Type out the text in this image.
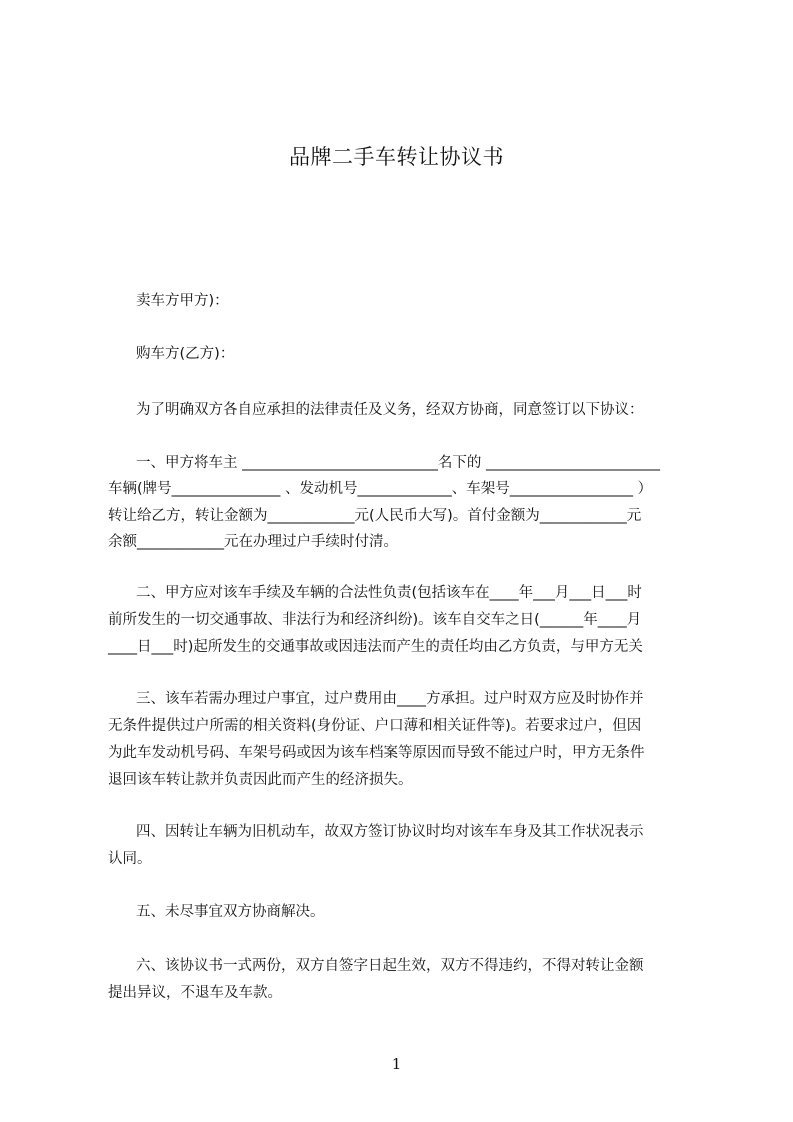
品牌二手车转让协议书
卖车方甲方)：
购车方(乙方)：
为了明确双方各自应承担的法律责任及义务，经双方协商，同意签订以下协议：
一、甲方将车主 ___________________________名下的 ________________________
车辆(牌号_______________ 、发动机号_____________、车架号_________________ ）
转让给乙方，转让金额为____________元(人民币大写)。首付金额为____________元
余额____________元在办理过户手续时付清。
二、甲方应对该车手续及车辆的合法性负责(包括该车在____年___月___日___时
前所发生的一切交通事故、非法行为和经济纠纷)。该车自交车之日(______年____月
____日___时)起所发生的交通事故或因违法而产生的责任均由乙方负责，与甲方无关
三、该车若需办理过户事宜，过户费用由____方承担。过户时双方应及时协作并
无条件提供过户所需的相关资料(身份证、户口薄和相关证件等)。若要求过户，但因
为此车发动机号码、车架号码或因为该车档案等原因而导致不能过户时，甲方无条件
退回该车转让款并负责因此而产生的经济损失。
四、因转让车辆为旧机动车，故双方签订协议时均对该车车身及其工作状况表示
认同。
五、未尽事宜双方协商解决。
六、该协议书一式两份，双方自签字日起生效，双方不得违约，不得对转让金额
提出异议，不退车及车款。
1
